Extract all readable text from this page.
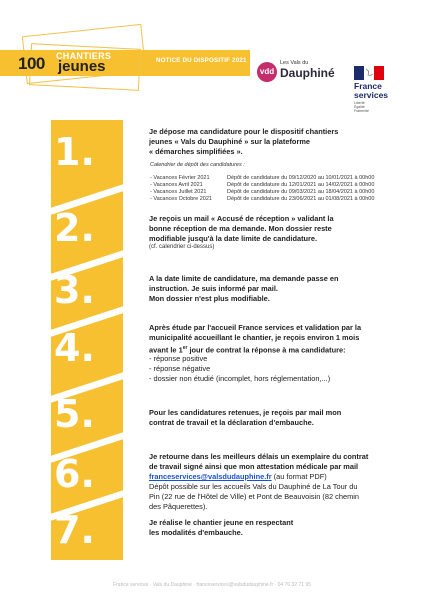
100 CHANTIERS
jeunes	NOTICE DU DISPOSITIF 2021
vdd
Les Vals du
Dauphiné
France
services
Liberté
Égalité
Fraternité
1.
2.
3.
4.
5.
6.
7.
Je dépose ma candidature pour le dispositif chantiers
jeunes « Vals du Dauphiné » sur la plateforme
« démarches simplifiées ».
Calendrier de dépôt des candidatures :
- Vacances Février 2021	Dépôt de candidature du 09/12/2020 au 10/01/2021 à 00h00
- Vacances Avril 2021	Dépôt de candidature du 12/01/2021 au 14/02/2021 à 00h00
- Vacances Juillet 2021	Dépôt de candidature du 09/03/2021 au 18/04/2021 à 00h00
- Vacances Octobre 2021	Dépôt de candidature du 23/06/2021 au 01/08/2021 à 00h00
Je reçois un mail « Accusé de réception » validant la
bonne réception de ma demande. Mon dossier reste
modifiable jusqu'à la date limite de candidature.
(cf. calendrier ci-dessus)
A la date limite de candidature, ma demande passe en
instruction. Je suis informé par mail.
Mon dossier n'est plus modifiable.
Après étude par l'accueil France services et validation par la
municipalité accueillant le chantier, je reçois environ 1 mois
avant le 1er jour de contrat la réponse à ma candidature:
- réponse positive
- réponse négative
- dossier non étudié (incomplet, hors réglementation,...)
Pour les candidatures retenues, je reçois par mail mon
contrat de travail et la déclaration d'embauche.
Je retourne dans les meilleurs délais un exemplaire du contrat
de travail signé ainsi que mon attestation médicale par mail
franceservices@valsdudauphine.fr (au format PDF)
Dépôt possible sur les accueils Vals du Dauphiné de La Tour du
Pin (22 rue de l'Hôtel de Ville) et Pont de Beauvoisin (82 chemin
des Pâquerettes).
Je réalise le chantier jeune en respectant
les modalités d'embauche.
France services · Vals du Dauphiné · franceservices@valsdudauphine.fr · 04 76 32 71 95
